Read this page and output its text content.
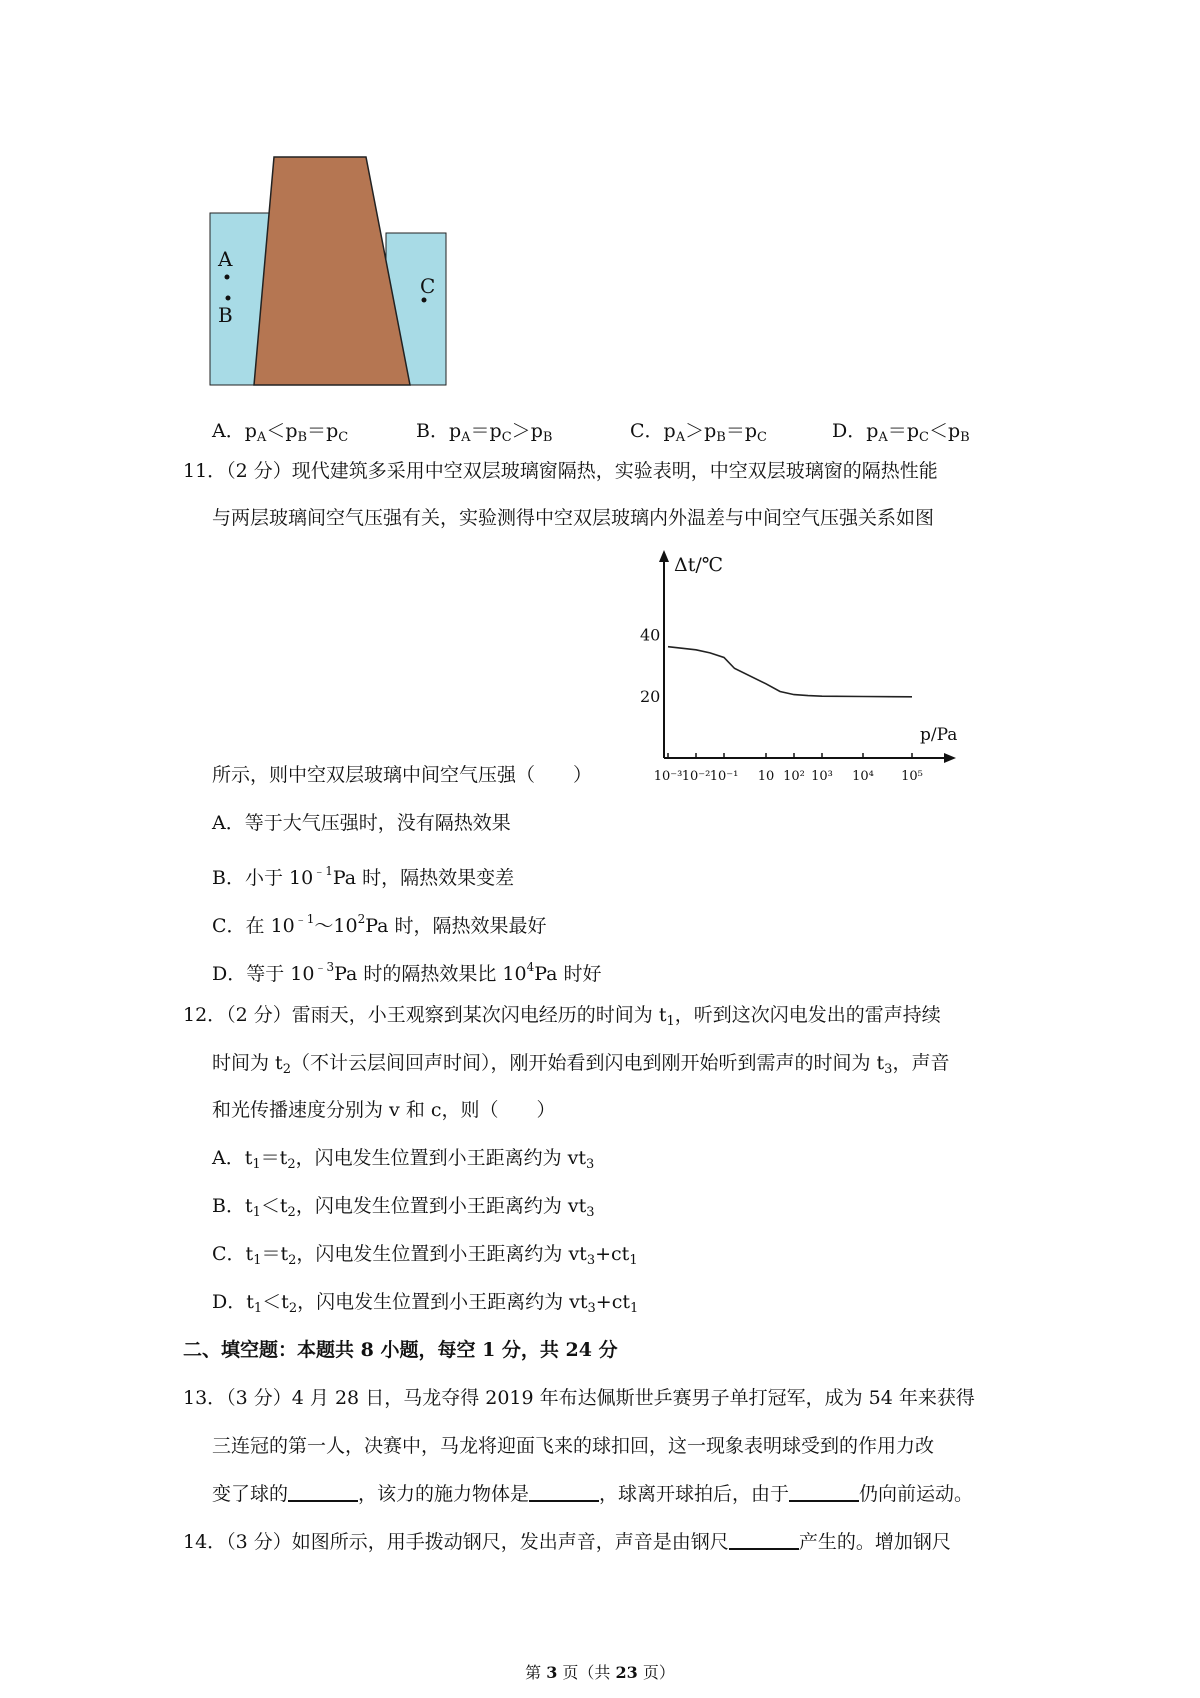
A
B
C
A．$p_A<p_B=p_C$	B．$p_A=p_C>p_B$	C．$p_A>p_B=p_C$	D．$p_A=p_C<p_B$
11．（2 分）现代建筑多采用中空双层玻璃窗隔热，实验表明，中空双层玻璃窗的隔热性能
与两层玻璃间空气压强有关，实验测得中空双层玻璃内外温差与中间空气压强关系如图
Δt/℃
p/Pa
40
20
10⁻³ 10⁻² 10⁻¹ 10 10² 10³ 10⁴ 10⁵
所示，则中空双层玻璃中间空气压强（　　）
A．等于大气压强时，没有隔热效果
B．小于 $10^{﹣1}Pa$ 时，隔热效果变差
C．在 $10^{﹣1}\sim 10^2Pa$ 时，隔热效果最好
D．等于 $10^{﹣3}Pa$ 时的隔热效果比 $10^4Pa$ 时好
12．（2 分）雷雨天，小王观察到某次闪电经历的时间为 $t_1$，听到这次闪电发出的雷声持续
时间为 $t_2$（不计云层间回声时间），刚开始看到闪电到刚开始听到需声的时间为 $t_3$，声音
和光传播速度分别为 v 和 c，则（　　）
A．$t_1=t_2$，闪电发生位置到小王距离约为 $vt_3$
B．$t_1<t_2$，闪电发生位置到小王距离约为 $vt_3$
C．$t_1=t_2$，闪电发生位置到小王距离约为 $vt_3+ct_1$
D．$t_1<t_2$，闪电发生位置到小王距离约为 $vt_3+ct_1$
二、填空题：本题共 8 小题，每空 1 分，共 24 分
13．（3 分）4 月 28 日，马龙夺得 2019 年布达佩斯世乒赛男子单打冠军，成为 54 年来获得
三连冠的第一人，决赛中，马龙将迎面飞来的球扣回，这一现象表明球受到的作用力改
变了球的	，该力的施力物体是	，球离开球拍后，由于	仍向前运动。
14．（3 分）如图所示，用手拨动钢尺，发出声音，声音是由钢尺	产生的。增加钢尺
第 3 页（共 23 页）
